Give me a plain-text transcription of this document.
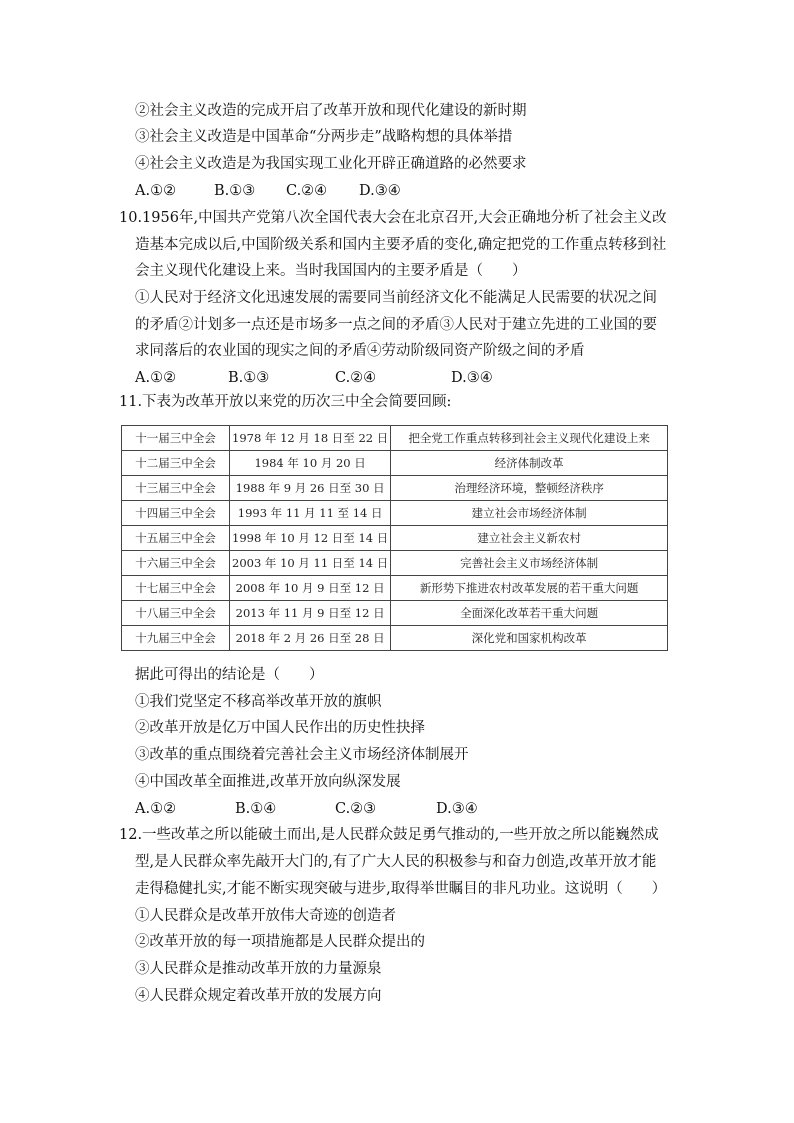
②社会主义改造的完成开启了改革开放和现代化建设的新时期
③社会主义改造是中国革命“分两步走”战略构想的具体举措
④社会主义改造是为我国实现工业化开辟正确道路的必然要求
A.①②	B.①③ C.②④ D.③④
10.1956年,中国共产党第八次全国代表大会在北京召开,大会正确地分析了社会主义改
造基本完成以后,中国阶级关系和国内主要矛盾的变化,确定把党的工作重点转移到社
会主义现代化建设上来。当时我国国内的主要矛盾是（　　）
①人民对于经济文化迅速发展的需要同当前经济文化不能满足人民需要的状况之间
的矛盾②计划多一点还是市场多一点之间的矛盾③人民对于建立先进的工业国的要
求同落后的农业国的现实之间的矛盾④劳动阶级同资产阶级之间的矛盾
A.①②	B.①③	C.②④	D.③④
11.下表为改革开放以来党的历次三中全会简要回顾:
十一届三中全会	1978 年 12 月 18 日至 22 日	把全党工作重点转移到社会主义现代化建设上来
十二届三中全会	1984 年 10 月 20 日	经济体制改革
十三届三中全会	1988 年 9 月 26 日至 30 日	治理经济环境，整顿经济秩序
十四届三中全会	1993 年 11 月 11 至 14 日	建立社会市场经济体制
十五届三中全会	1998 年 10 月 12 日至 14 日	建立社会主义新农村
十六届三中全会	2003 年 10 月 11 日至 14 日	完善社会主义市场经济体制
十七届三中全会	2008 年 10 月 9 日至 12 日	新形势下推进农村改革发展的若干重大问题
十八届三中全会	2013 年 11 月 9 日至 12 日	全面深化改革若干重大问题
十九届三中全会	2018 年 2 月 26 日至 28 日	深化党和国家机构改革
据此可得出的结论是（　　）
①我们党坚定不移高举改革开放的旗帜
②改革开放是亿万中国人民作出的历史性抉择
③改革的重点围绕着完善社会主义市场经济体制展开
④中国改革全面推进,改革开放向纵深发展
A.①②	B.①④	C.②③	D.③④
12.一些改革之所以能破土而出,是人民群众鼓足勇气推动的,一些开放之所以能巍然成
型,是人民群众率先敲开大门的,有了广大人民的积极参与和奋力创造,改革开放才能
走得稳健扎实,才能不断实现突破与进步,取得举世瞩目的非凡功业。这说明（　　）
①人民群众是改革开放伟大奇迹的创造者
②改革开放的每一项措施都是人民群众提出的
③人民群众是推动改革开放的力量源泉
④人民群众规定着改革开放的发展方向
